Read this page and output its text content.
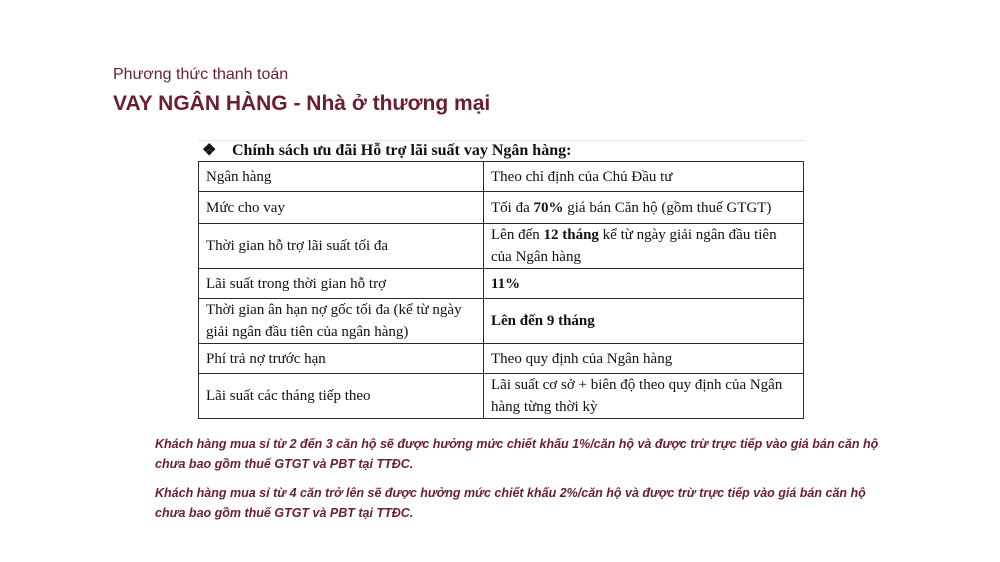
Phương thức thanh toán
VAY NGÂN HÀNG - Nhà ở thương mại
❖ Chính sách ưu đãi Hỗ trợ lãi suất vay Ngân hàng:
Ngân hàng	Theo chỉ định của Chủ Đầu tư
Mức cho vay	Tối đa 70% giá bán Căn hộ (gồm thuế GTGT)
Thời gian hỗ trợ lãi suất tối đa	Lên đến 12 tháng kể từ ngày giải ngân đầu tiên của Ngân hàng
Lãi suất trong thời gian hỗ trợ	11%
Thời gian ân hạn nợ gốc tối đa (kể từ ngày giải ngân đầu tiên của ngân hàng)	Lên đến 9 tháng
Phí trả nợ trước hạn	Theo quy định của Ngân hàng
Lãi suất các tháng tiếp theo	Lãi suất cơ sở + biên độ theo quy định của Ngân hàng từng thời kỳ

Khách hàng mua sỉ từ 2 đến 3 căn hộ sẽ được hưởng mức chiết khấu 1%/căn hộ và được trừ trực tiếp vào giá bán căn hộ chưa bao gồm thuế GTGT và PBT tại TTĐC.

Khách hàng mua sỉ từ 4 căn trở lên sẽ được hưởng mức chiết khấu 2%/căn hộ và được trừ trực tiếp vào giá bán căn hộ chưa bao gồm thuế GTGT và PBT tại TTĐC.
